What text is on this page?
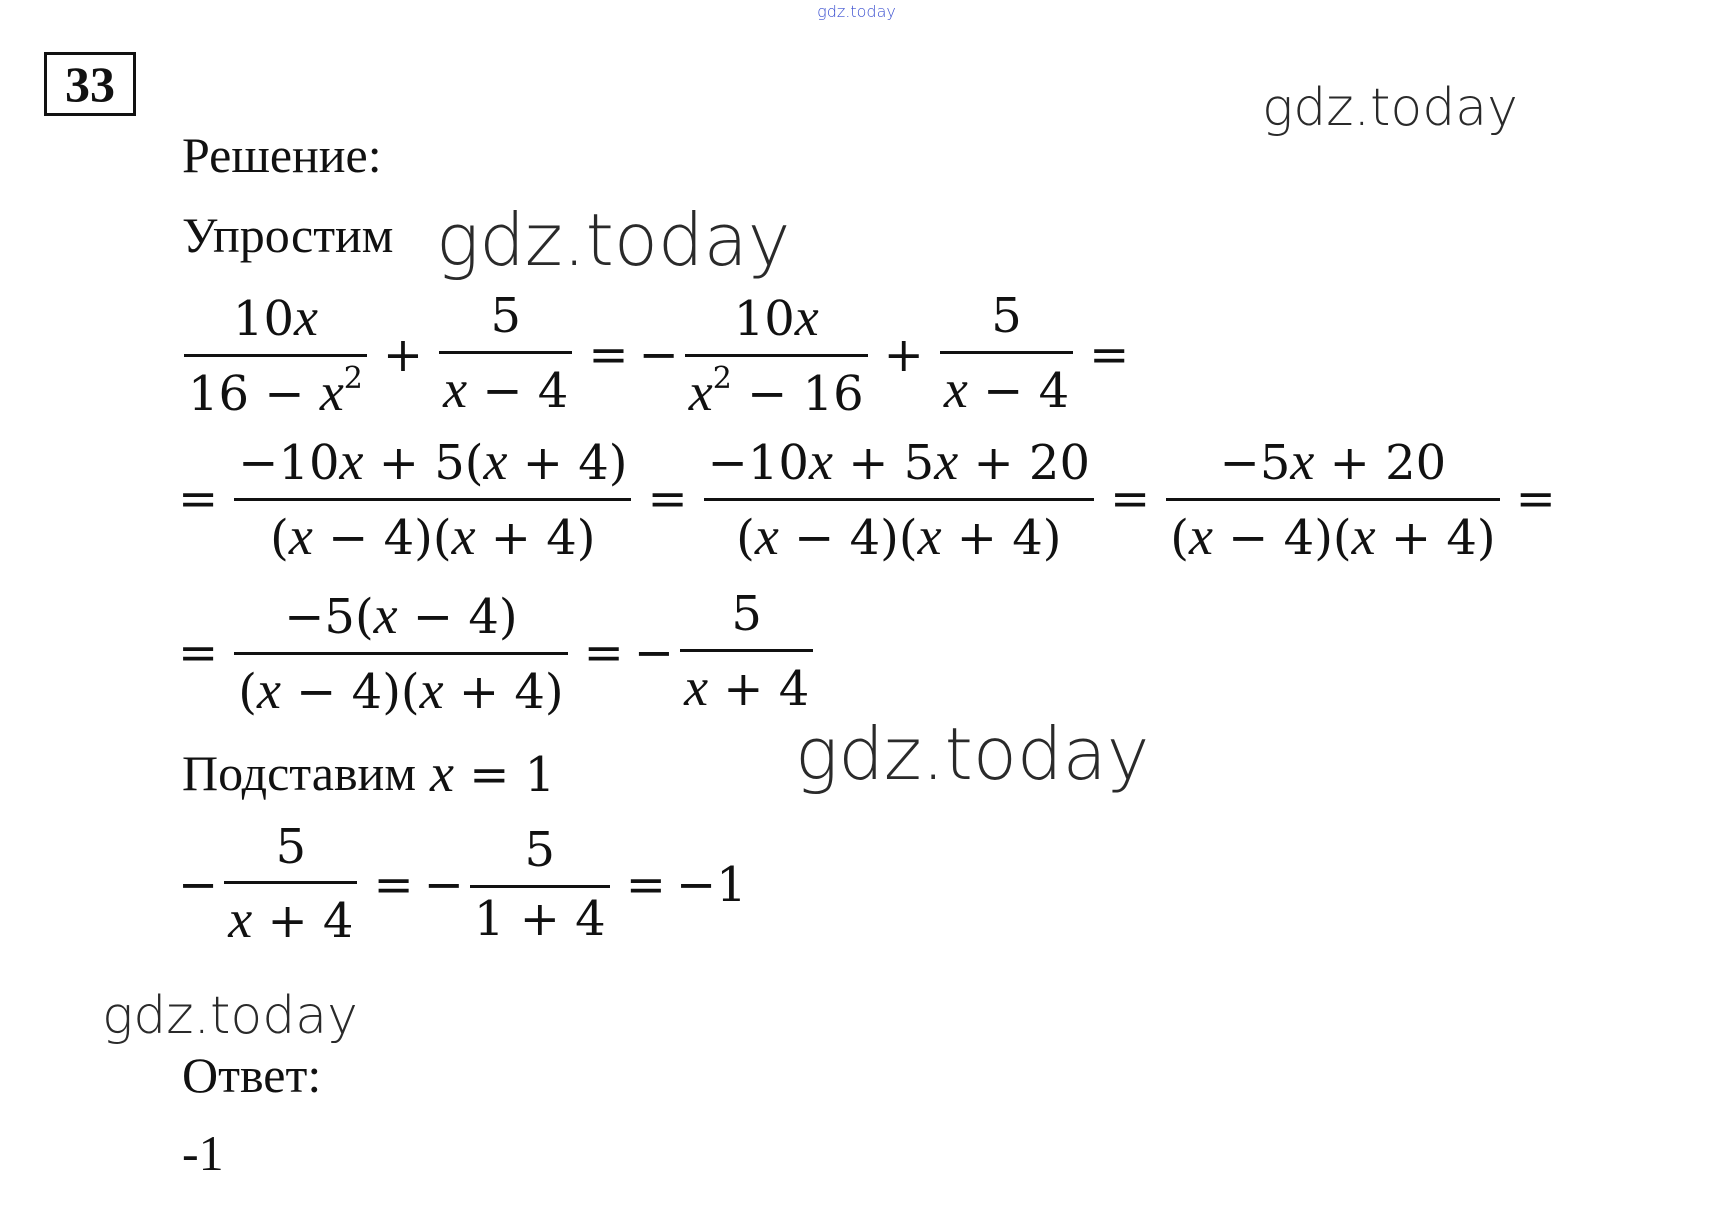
gdz.today
gdz.today
gdz.today
gdz.today
gdz.today
33
Решение:
Упростим
$\frac{10x}{16 - x^2} + \frac{5}{x - 4}$ = − $\frac{10x}{x^2 - 16} + \frac{5}{x - 4}$ =
= $\frac{-10x + 5(x + 4)}{(x - 4)(x + 4)} = \frac{-10x + 5x + 20}{(x - 4)(x + 4)} = \frac{-5x + 20}{(x - 4)(x + 4)}$ =
= $\frac{-5(x - 4)}{(x - 4)(x + 4)}$ = − $\frac{5}{x + 4}$
Подставим x = 1
− $\frac{5}{x + 4}$ = − $\frac{5}{1 + 4} = -1$
Ответ:
-1
